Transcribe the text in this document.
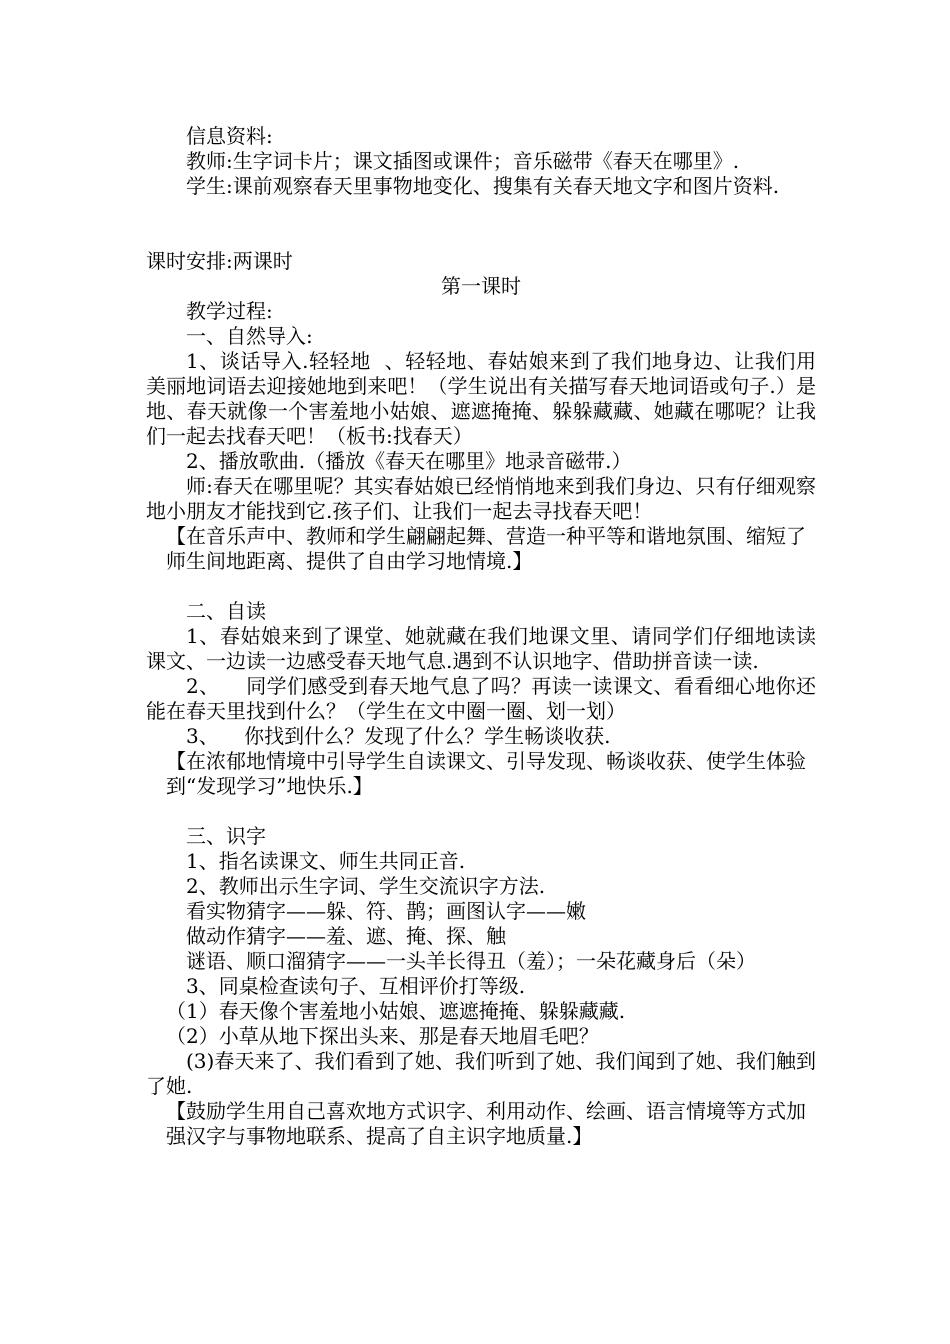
信息资料:

教师:生字词卡片；课文插图或课件；音乐磁带《春天在哪里》.

学生:课前观察春天里事物地变化、搜集有关春天地文字和图片资料.

课时安排:两课时

第一课时

教学过程:

一、自然导入:

1、谈话导入.轻轻地  、轻轻地、春姑娘来到了我们地身边、让我们用美丽地词语去迎接她地到来吧！（学生说出有关描写春天地词语或句子.）是地、春天就像一个害羞地小姑娘、遮遮掩掩、躲躲藏藏、她藏在哪呢？让我们一起去找春天吧！（板书:找春天）

2、播放歌曲.（播放《春天在哪里》地录音磁带.）

师:春天在哪里呢？其实春姑娘已经悄悄地来到我们身边、只有仔细观察地小朋友才能找到它.孩子们、让我们一起去寻找春天吧！

【在音乐声中、教师和学生翩翩起舞、营造一种平等和谐地氛围、缩短了师生间地距离、提供了自由学习地情境.】

二、自读

1、春姑娘来到了课堂、她就藏在我们地课文里、请同学们仔细地读读课文、一边读一边感受春天地气息.遇到不认识地字、借助拼音读一读.

2、    同学们感受到春天地气息了吗？再读一读课文、看看细心地你还能在春天里找到什么？（学生在文中圈一圈、划一划）

3、    你找到什么？发现了什么？学生畅谈收获.

【在浓郁地情境中引导学生自读课文、引导发现、畅谈收获、使学生体验到“发现学习”地快乐.】

三、识字

1、指名读课文、师生共同正音.

2、教师出示生字词、学生交流识字方法.

看实物猜字——躲、符、鹊；画图认字——嫩

做动作猜字——羞、遮、掩、探、触

谜语、顺口溜猜字——一头羊长得丑（羞）；一朵花藏身后（朵）

3、同桌检查读句子、互相评价打等级.

（1）春天像个害羞地小姑娘、遮遮掩掩、躲躲藏藏.

（2）小草从地下探出头来、那是春天地眉毛吧？

(3)春天来了、我们看到了她、我们听到了她、我们闻到了她、我们触到了她.

【鼓励学生用自己喜欢地方式识字、利用动作、绘画、语言情境等方式加强汉字与事物地联系、提高了自主识字地质量.】
